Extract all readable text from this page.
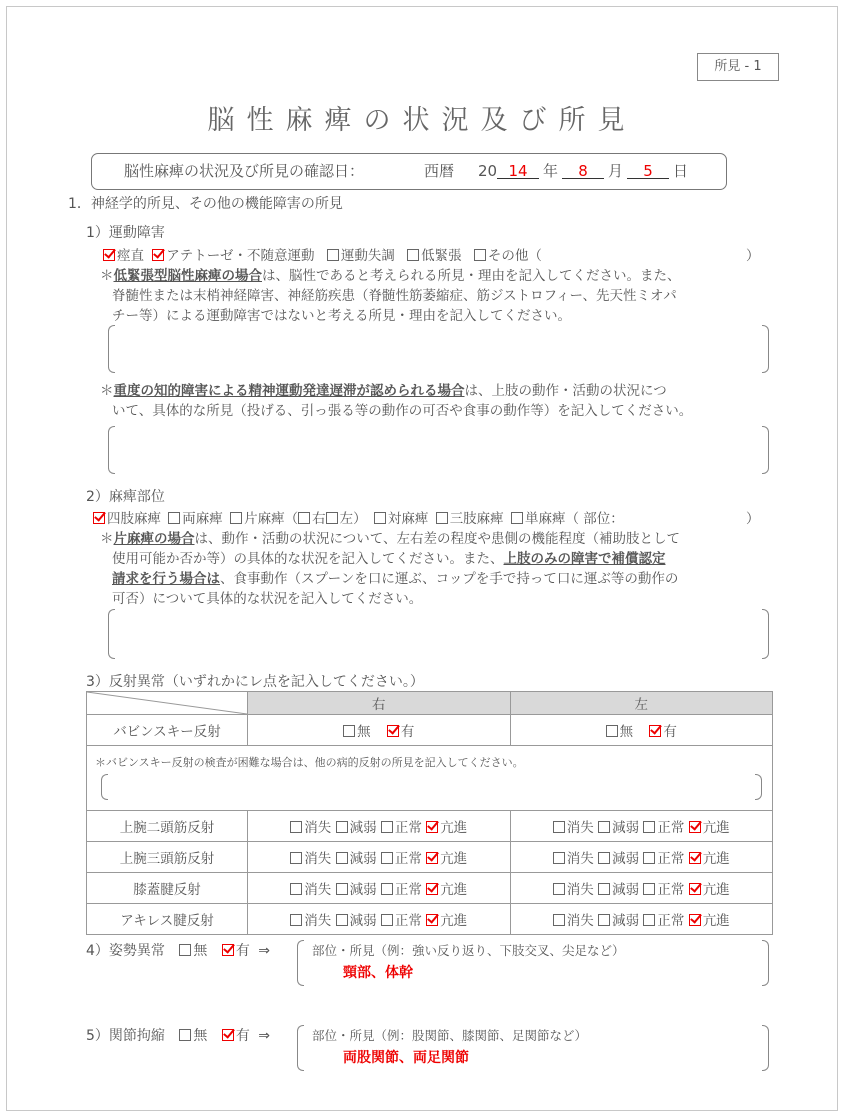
所見 - 1
脳性麻痺の状況及び所見
脳性麻痺の状況及び所見の確認日：	西暦 20 14	年	8	月	5	日
1．神経学的所見、その他の機能障害の所見
1）運動障害
痙直 アテトーゼ・不随意運動 運動失調 低緊張 その他（	）
＊低緊張型脳性麻痺の場合は、脳性であると考えられる所見・理由を記入してください。また、
脊髄性または末梢神経障害、神経筋疾患（脊髄性筋萎縮症、筋ジストロフィー、先天性ミオパ
チー等）による運動障害ではないと考える所見・理由を記入してください。
＊重度の知的障害による精神運動発達遅滞が認められる場合は、上肢の動作・活動の状況につ
いて、具体的な所見（投げる、引っ張る等の動作の可否や食事の動作等）を記入してください。
2）麻痺部位
四肢麻痺 両麻痺 片麻痺（ 右 左） 対麻痺 三肢麻痺 単麻痺（ 部位：	）
＊片麻痺の場合は、動作・活動の状況について、左右差の程度や患側の機能程度（補助肢として
使用可能か否か等）の具体的な状況を記入してください。また、上肢のみの障害で補償認定
請求を行う場合は、食事動作（スプーンを口に運ぶ、コップを手で持って口に運ぶ等の動作の
可否）について具体的な状況を記入してください。
3）反射異常（いずれかにレ点を記入してください。）
	右	左
バビンスキー反射	無 有	無 有

＊バビンスキー反射の検査が困難な場合は、他の病的反射の所見を記入してください。		

上腕二頭筋反射	消失 減弱 正常 亢進	消失 減弱 正常 亢進
上腕三頭筋反射	消失 減弱 正常 亢進	消失 減弱 正常 亢進
膝蓋腱反射	消失 減弱 正常 亢進	消失 減弱 正常 亢進
アキレス腱反射	消失 減弱 正常 亢進	消失 減弱 正常 亢進
4）姿勢異常 無 有 ⇒	部位・所見（例：強い反り返り、下肢交叉、尖足など）
頸部、体幹
5）関節拘縮 無 有 ⇒	部位・所見（例：股関節、膝関節、足関節など）
両股関節、両足関節
